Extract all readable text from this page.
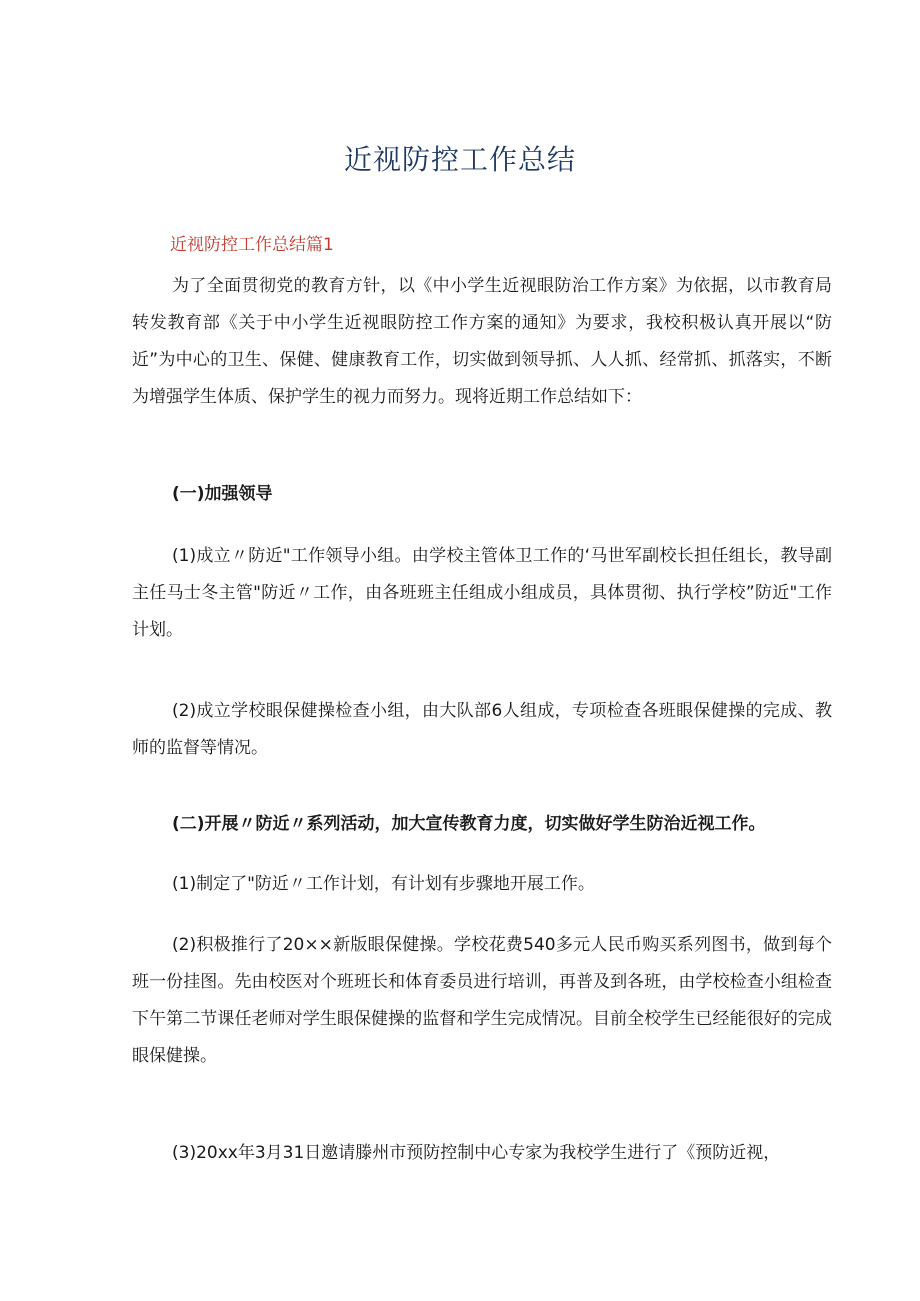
近视防控工作总结

近视防控工作总结篇1

为了全面贯彻党的教育方针，以《中小学生近视眼防治工作方案》为依据，以市教育局转发教育部《关于中小学生近视眼防控工作方案的通知》为要求，我校积极认真开展以“防近”为中心的卫生、保健、健康教育工作，切实做到领导抓、人人抓、经常抓、抓落实，不断为增强学生体质、保护学生的视力而努力。现将近期工作总结如下：

(一)加强领导

(1)成立〃防近"工作领导小组。由学校主管体卫工作的‘马世军副校长担任组长，教导副主任马士冬主管"防近〃工作，由各班班主任组成小组成员，具体贯彻、执行学校”防近"工作计划。

(2)成立学校眼保健操检查小组，由大队部6人组成，专项检查各班眼保健操的完成、教师的监督等情况。

(二)开展〃防近〃系列活动，加大宣传教育力度，切实做好学生防治近视工作。

(1)制定了"防近〃工作计划，有计划有步骤地开展工作。

(2)积极推行了20××新版眼保健操。学校花费540多元人民币购买系列图书，做到每个班一份挂图。先由校医对个班班长和体育委员进行培训，再普及到各班，由学校检查小组检查下午第二节课任老师对学生眼保健操的监督和学生完成情况。目前全校学生已经能很好的完成眼保健操。

(3)20xx年3月31日邀请滕州市预防控制中心专家为我校学生进行了《预防近视，
